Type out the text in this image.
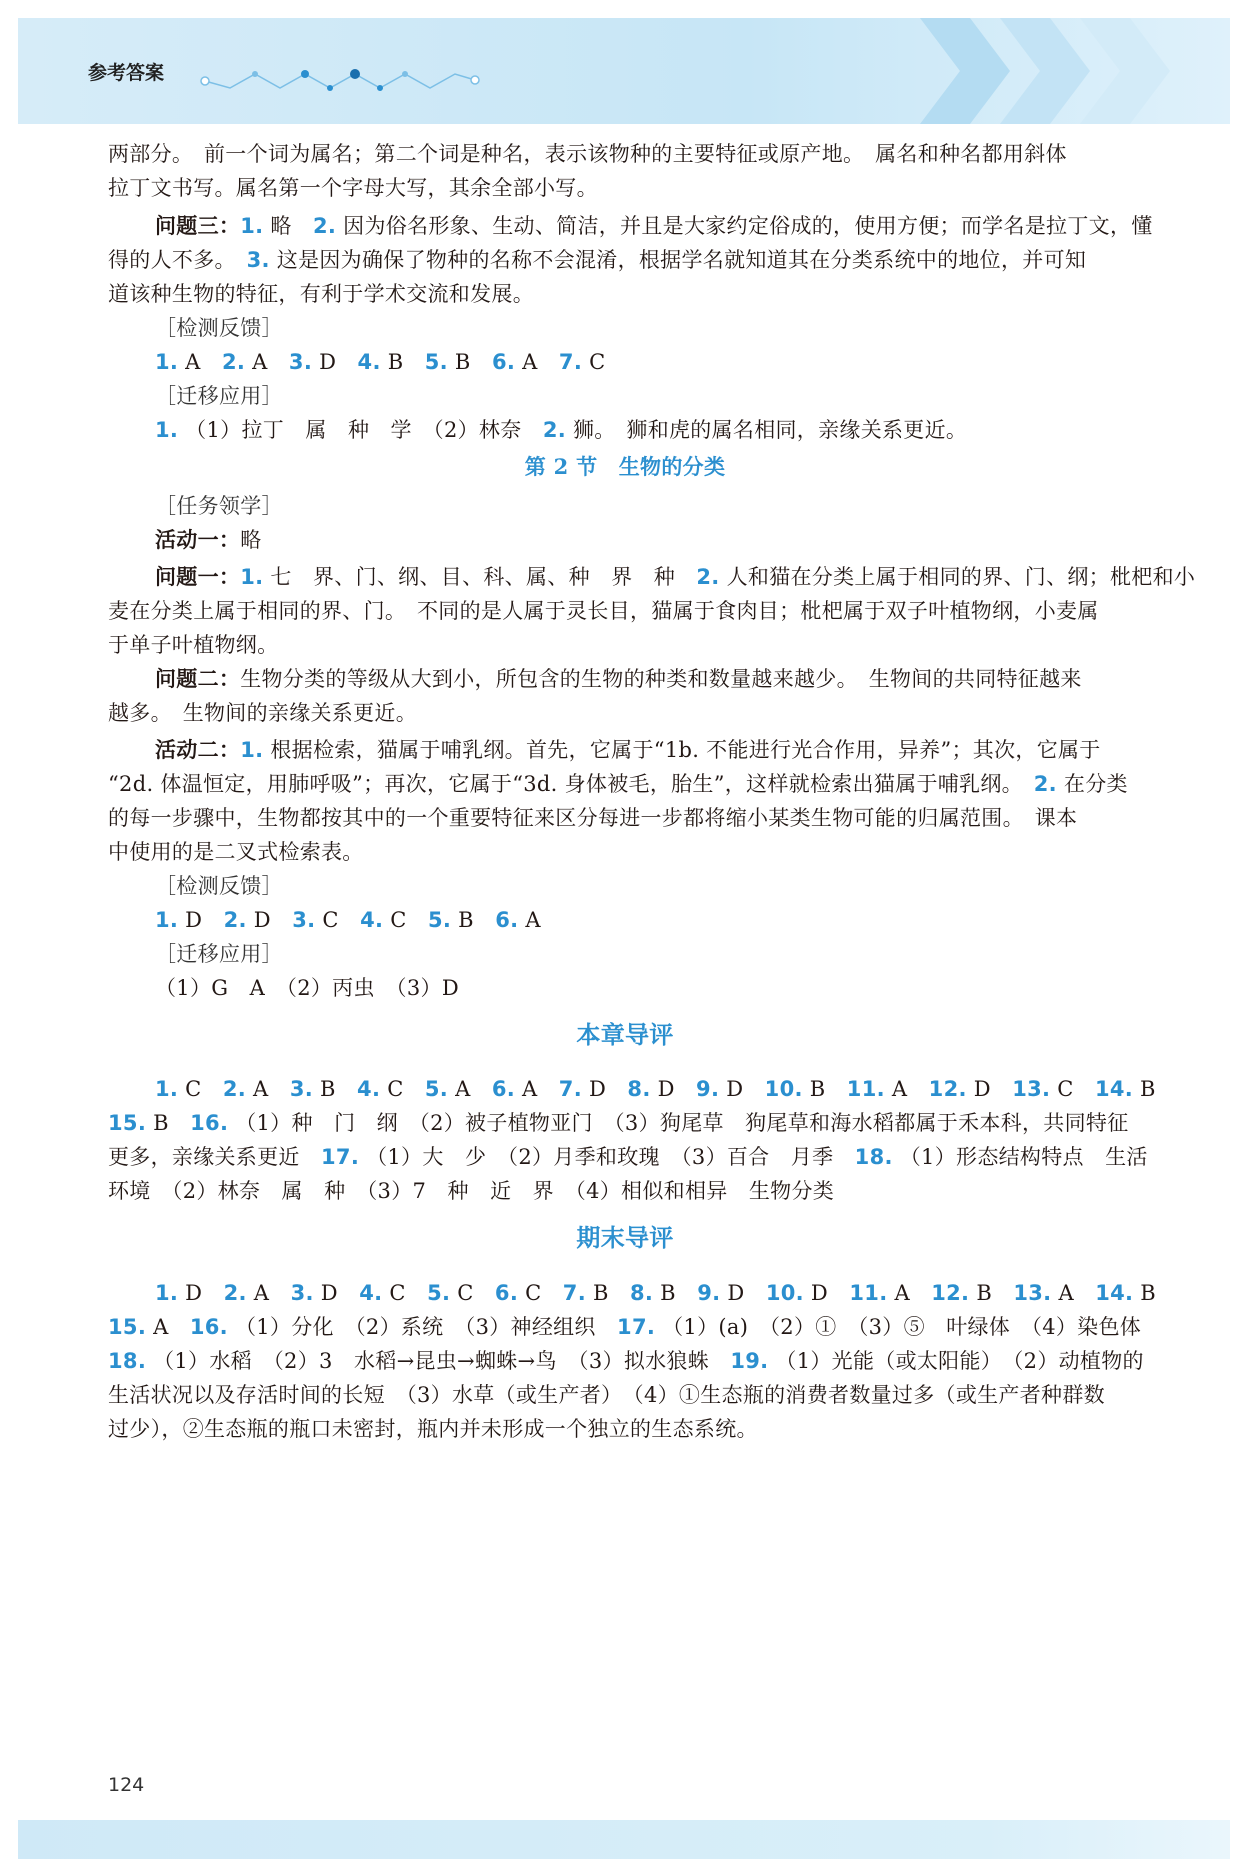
参考答案
两部分。　前一个词为属名；第二个词是种名，表示该物种的主要特征或原产地。　属名和种名都用斜体
拉丁文书写。属名第一个字母大写，其余全部小写。
问题三：1. 略　2. 因为俗名形象、生动、简洁，并且是大家约定俗成的，使用方便；而学名是拉丁文，懂
得的人不多。　3. 这是因为确保了物种的名称不会混淆，根据学名就知道其在分类系统中的地位，并可知
道该种生物的特征，有利于学术交流和发展。
［检测反馈］
1. A　2. A　3. D　4. B　5. B　6. A　7. C
［迁移应用］
1. （1）拉丁　属　种　学　（2）林奈　2. 狮。　狮和虎的属名相同，亲缘关系更近。
第 2 节　生物的分类
［任务领学］
活动一：略
问题一：1. 七　界、门、纲、目、科、属、种　界　种　2. 人和猫在分类上属于相同的界、门、纲；枇杷和小
麦在分类上属于相同的界、门。　不同的是人属于灵长目，猫属于食肉目；枇杷属于双子叶植物纲，小麦属
于单子叶植物纲。
问题二：生物分类的等级从大到小，所包含的生物的种类和数量越来越少。　生物间的共同特征越来
越多。　生物间的亲缘关系更近。
活动二：1. 根据检索，猫属于哺乳纲。首先，它属于“1b. 不能进行光合作用，异养”；其次，它属于
“2d. 体温恒定，用肺呼吸”；再次，它属于“3d. 身体被毛，胎生”，这样就检索出猫属于哺乳纲。　2. 在分类
的每一步骤中，生物都按其中的一个重要特征来区分每进一步都将缩小某类生物可能的归属范围。　课本
中使用的是二叉式检索表。
［检测反馈］
1. D　2. D　3. C　4. C　5. B　6. A
［迁移应用］
（1）G　A　（2）丙虫　（3）D
本章导评
1. C　2. A　3. B　4. C　5. A　6. A　7. D　8. D　9. D　10. B　11. A　12. D　13. C　14. B
15. B　16. （1）种　门　纲　（2）被子植物亚门　（3）狗尾草　狗尾草和海水稻都属于禾本科，共同特征
更多，亲缘关系更近　17. （1）大　少　（2）月季和玫瑰　（3）百合　月季　18. （1）形态结构特点　生活
环境　（2）林奈　属　种　（3）7　种　近　界　（4）相似和相异　生物分类
期末导评
1. D　2. A　3. D　4. C　5. C　6. C　7. B　8. B　9. D　10. D　11. A　12. B　13. A　14. B
15. A　16. （1）分化　（2）系统　（3）神经组织　17. （1）(a)　（2）①　（3）⑤　叶绿体　（4）染色体
18. （1）水稻　（2）3　水稻→昆虫→蜘蛛→鸟　（3）拟水狼蛛　19. （1）光能（或太阳能）　（2）动植物的
生活状况以及存活时间的长短　（3）水草（或生产者）　（4）①生态瓶的消费者数量过多（或生产者种群数
过少），②生态瓶的瓶口未密封，瓶内并未形成一个独立的生态系统。
124
